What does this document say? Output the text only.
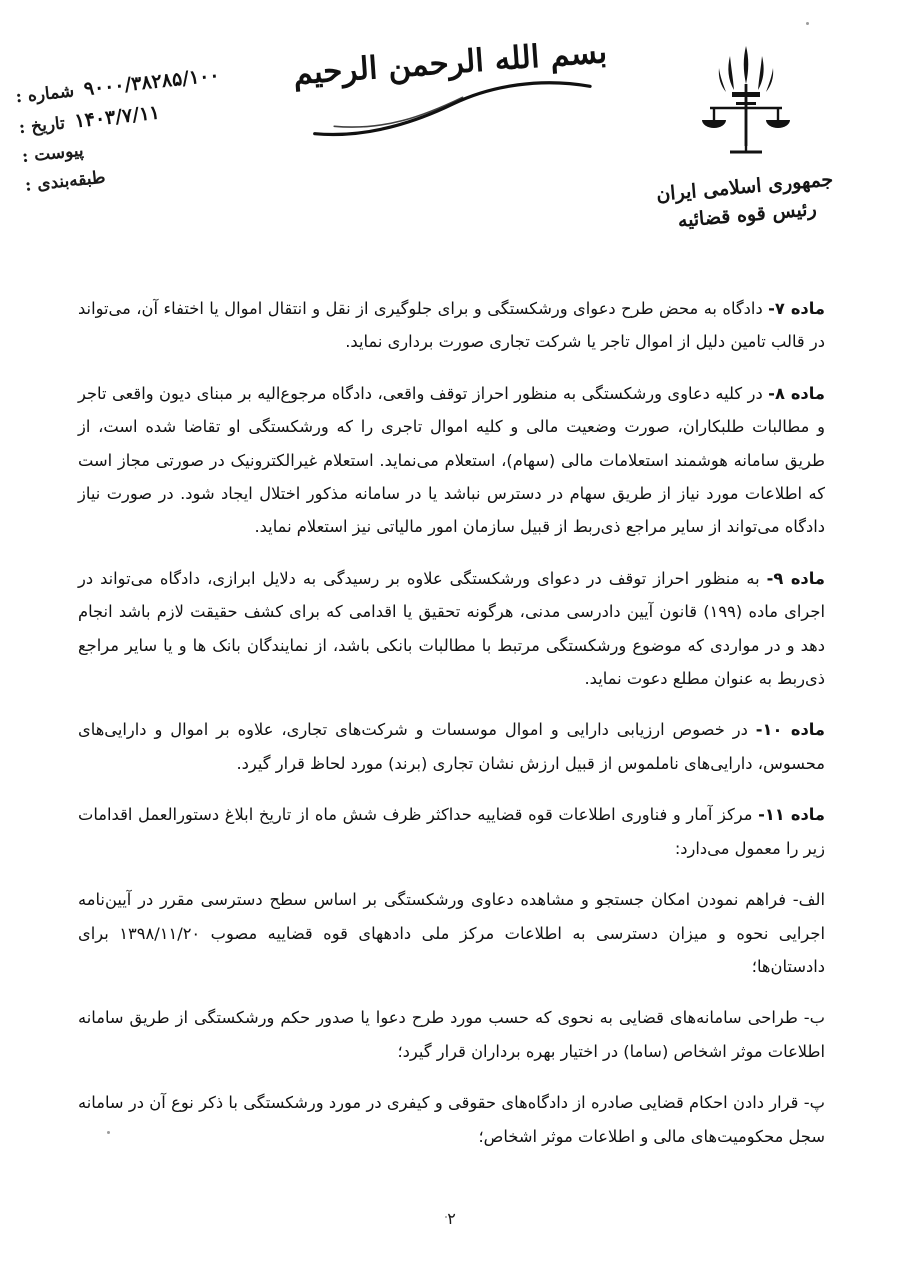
شماره : ۹۰۰۰/۳۸۲۸۵/۱۰۰
تاریخ : ۱۴۰۳/۷/۱۱
پیوست :
طبقه‌بندی :
بسم الله الرحمن الرحیم
جمهوری اسلامی ایران
رئیس قوه قضائیه

ماده ۷- دادگاه به محض طرح دعوای ورشکستگی و برای جلوگیری از نقل و انتقال اموال یا اختفاء آن، می‌تواند در قالب تامین دلیل از اموال تاجر یا شرکت تجاری صورت برداری نماید.

ماده ۸- در کلیه دعاوی ورشکستگی به منظور احراز توقف واقعی، دادگاه مرجوع‌الیه بر مبنای دیون واقعی تاجر و مطالبات طلبکاران، صورت وضعیت مالی و کلیه اموال تاجری را که ورشکستگی او تقاضا شده است، از طریق سامانه هوشمند استعلامات مالی (سهام)، استعلام می‌نماید. استعلام غیرالکترونیک در صورتی مجاز است که اطلاعات مورد نیاز از طریق سهام در دسترس نباشد یا در سامانه مذکور اختلال ایجاد شود. در صورت نیاز دادگاه می‌تواند از سایر مراجع ذی‌ربط از قبیل سازمان امور مالیاتی نیز استعلام نماید.

ماده ۹- به منظور احراز توقف در دعوای ورشکستگی علاوه بر رسیدگی به دلایل ابرازی، دادگاه می‌تواند در اجرای ماده (۱۹۹) قانون آیین دادرسی مدنی، هرگونه تحقیق یا اقدامی که برای کشف حقیقت لازم باشد انجام دهد و در مواردی که موضوع ورشکستگی مرتبط با مطالبات بانکی باشد، از نمایندگان بانک ها و یا سایر مراجع ذی‌ربط به عنوان مطلع دعوت نماید.

ماده ۱۰- در خصوص ارزیابی دارایی و اموال موسسات و شرکت‌های تجاری، علاوه بر اموال و دارایی‌های محسوس، دارایی‌های ناملموس از قبیل ارزش نشان تجاری (برند) مورد لحاظ قرار گیرد.

ماده ۱۱- مرکز آمار و فناوری اطلاعات قوه قضاییه حداکثر ظرف شش ماه از تاریخ ابلاغ دستورالعمل اقدامات زیر را معمول می‌دارد:

الف- فراهم نمودن امکان جستجو و مشاهده دعاوی ورشکستگی بر اساس سطح دسترسی مقرر در آیین‌نامه اجرایی نحوه و میزان دسترسی به اطلاعات مرکز ملی دادههای قوه قضاییه مصوب ۱۳۹۸/۱۱/۲۰ برای دادستان‌ها؛

ب- طراحی سامانه‌های قضایی به نحوی که حسب مورد طرح دعوا یا صدور حکم ورشکستگی از طریق سامانه اطلاعات موثر اشخاص (ساما) در اختیار بهره برداران قرار گیرد؛

پ- قرار دادن احکام قضایی صادره از دادگاه‌های حقوقی و کیفری در مورد ورشکستگی با ذکر نوع آن در سامانه سجل محکومیت‌های مالی و اطلاعات موثر اشخاص؛

۲
